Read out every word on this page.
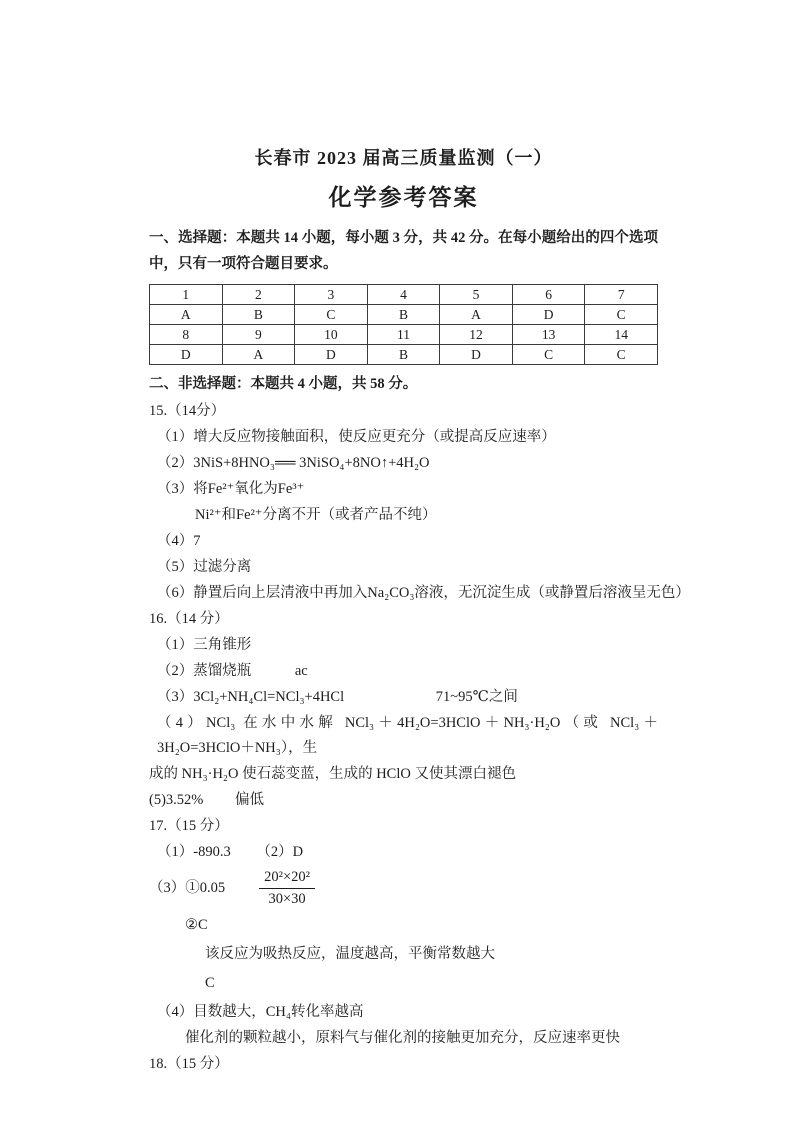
长春市 2023 届高三质量监测（一）
化学参考答案
一、选择题：本题共 14 小题，每小题 3 分，共 42 分。在每小题给出的四个选项中，只有一项符合题目要求。
1	2	3	4	5	6	7
A	B	C	B	A	D	C
8	9	10	11	12	13	14
D	A	D	B	D	C	C
二、非选择题：本题共 4 小题，共 58 分。
15.（14分）
（1）增大反应物接触面积，使反应更充分（或提高反应速率）
（2）3NiS+8HNO₃══ 3NiSO₄+8NO↑+4H₂O
（3）将Fe²⁺氧化为Fe³⁺
Ni²⁺和Fe²⁺分离不开（或者产品不纯）
（4）7
（5）过滤分离
（6）静置后向上层清液中再加入Na₂CO₃溶液，无沉淀生成（或静置后溶液呈无色）
16.（14 分）
（1）三角锥形
（2）蒸馏烧瓶	ac
（3）3Cl₂+NH₄Cl=NCl₃+4HCl	71~95℃之间
（4）NCl₃ 在水中水解 NCl₃＋4H₂O=3HClO＋NH₃·H₂O（或 NCl₃＋3H₂O=3HClO＋NH₃），生
成的 NH₃·H₂O 使石蕊变蓝，生成的 HClO 又使其漂白褪色
(5)3.52% 偏低
17.（15 分）
（1）-890.3 （2）D
（3）①0.05 $\frac{\text{20²×20²}}{30\times 30}$
②C
该反应为吸热反应，温度越高，平衡常数越大
C
（4）目数越大，CH₄转化率越高
催化剂的颗粒越小，原料气与催化剂的接触更加充分，反应速率更快
18.（15 分）
